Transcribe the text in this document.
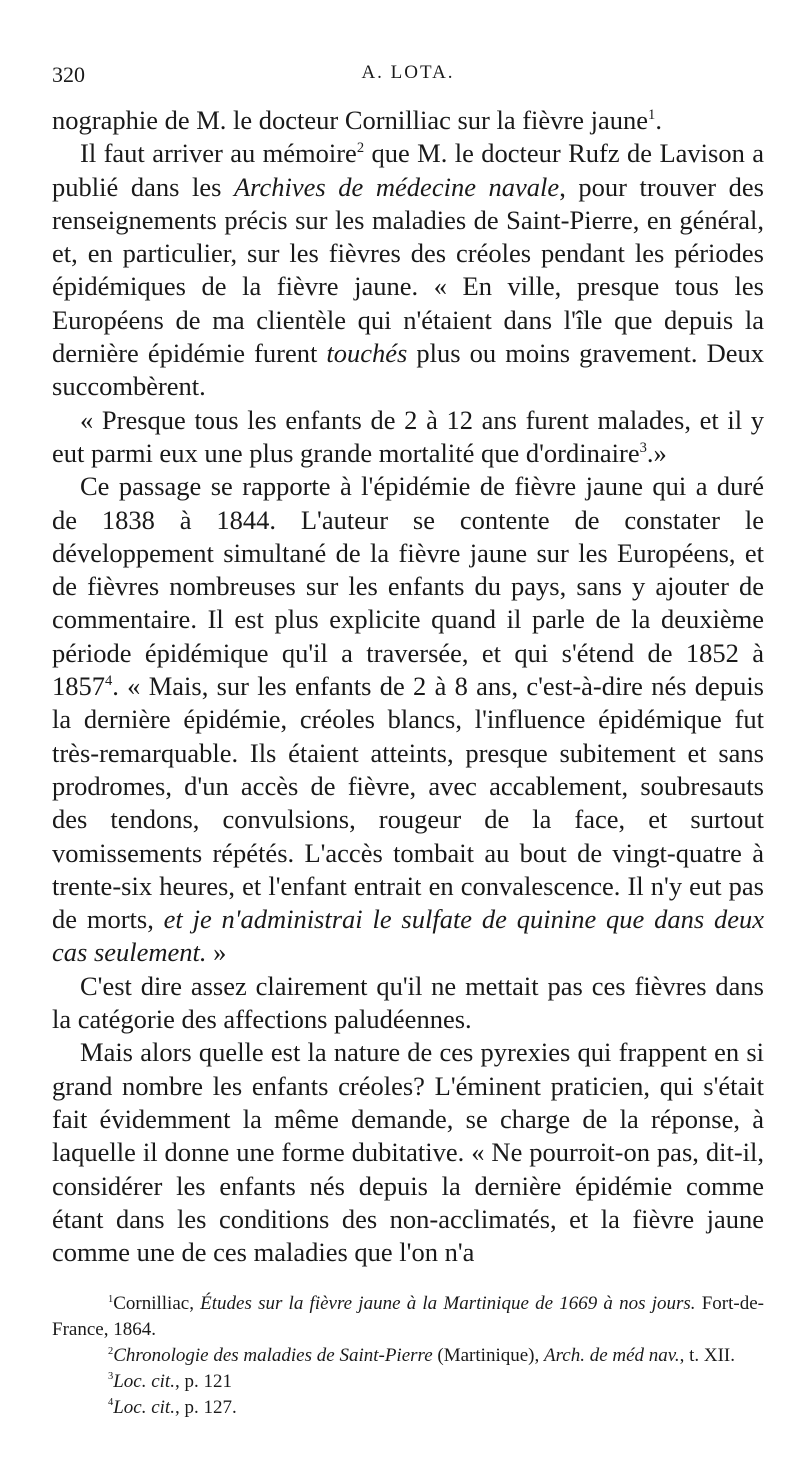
320	A. LOTA.

nographie de M. le docteur Cornilliac sur la fièvre jaune$^1$.

Il faut arriver au mémoire$^2$ que M. le docteur Rufz de Lavison a publié dans les Archives de médecine navale, pour trouver des renseignements précis sur les maladies de Saint-Pierre, en général, et, en particulier, sur les fièvres des créoles pendant les périodes épidémiques de la fièvre jaune. « En ville, presque tous les Européens de ma clientèle qui n'étaient dans l'île que depuis la dernière épidémie furent touchés plus ou moins gravement. Deux succombèrent.

« Presque tous les enfants de 2 à 12 ans furent malades, et il y eut parmi eux une plus grande mortalité que d'ordinaire$^3$.»

Ce passage se rapporte à l'épidémie de fièvre jaune qui a duré de 1838 à 1844. L'auteur se contente de constater le développement simultané de la fièvre jaune sur les Européens, et de fièvres nombreuses sur les enfants du pays, sans y ajouter de commentaire. Il est plus explicite quand il parle de la deuxième période épidémique qu'il a traversée, et qui s'étend de 1852 à 1857$^4$. « Mais, sur les enfants de 2 à 8 ans, c'est-à-dire nés depuis la dernière épidémie, créoles blancs, l'influence épidémique fut très-remarquable. Ils étaient atteints, presque subitement et sans prodromes, d'un accès de fièvre, avec accablement, soubresauts des tendons, convulsions, rougeur de la face, et surtout vomissements répétés. L'accès tombait au bout de vingt-quatre à trente-six heures, et l'enfant entrait en convalescence. Il n'y eut pas de morts, et je n'administrai le sulfate de quinine que dans deux cas seulement. »

C'est dire assez clairement qu'il ne mettait pas ces fièvres dans la catégorie des affections paludéennes.

Mais alors quelle est la nature de ces pyrexies qui frappent en si grand nombre les enfants créoles? L'éminent praticien, qui s'était fait évidemment la même demande, se charge de la réponse, à laquelle il donne une forme dubitative. « Ne pourroit-on pas, dit-il, considérer les enfants nés depuis la dernière épidémie comme étant dans les conditions des non-acclimatés, et la fièvre jaune comme une de ces maladies que l'on n'a

$^1$Cornilliac, Études sur la fièvre jaune à la Martinique de 1669 à nos jours. Fort-de-France, 1864.

$^2$Chronologie des maladies de Saint-Pierre (Martinique), Arch. de méd nav., t. XII.

$^3$Loc. cit., p. 121

$^4$Loc. cit., p. 127.
